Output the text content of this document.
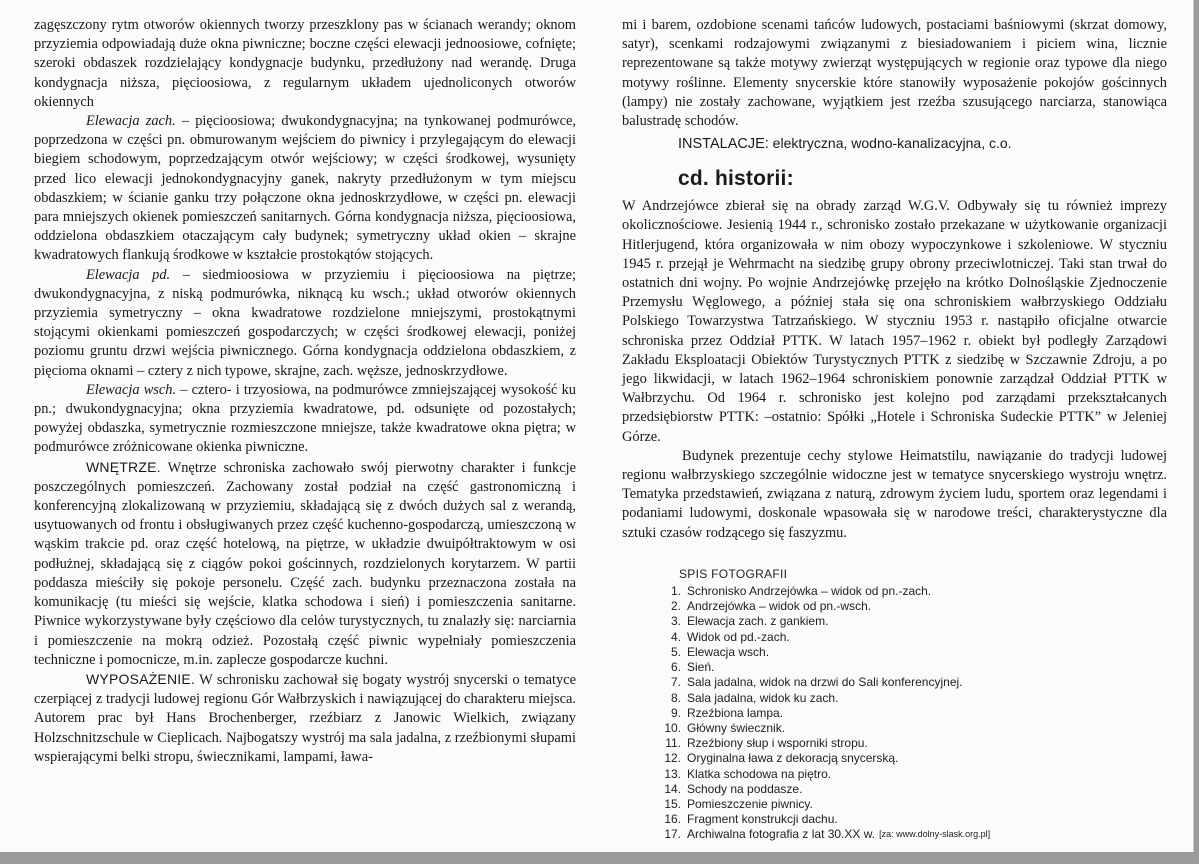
zagęszczony rytm otworów okiennych tworzy przeszklony pas w ścianach werandy; oknom przyziemia odpowiadają duże okna piwniczne; boczne części elewacji jednoosiowe, cofnięte; szeroki obdaszek rozdzielający kondygnacje budynku, przedłużony nad werandę. Druga kondygnacja niższa, pięcioosiowa, z regularnym układem ujednoliconych otworów okiennych

Elewacja zach. – pięcioosiowa; dwukondygnacyjna; na tynkowanej podmurówce, poprzedzona w części pn. obmurowanym wejściem do piwnicy i przylegającym do elewacji biegiem schodowym, poprzedzającym otwór wejściowy; w części środkowej, wysunięty przed lico elewacji jednokondygnacyjny ganek, nakryty przedłużonym w tym miejscu obdaszkiem; w ścianie ganku trzy połączone okna jednoskrzydłowe, w części pn. elewacji para mniejszych okienek pomieszczeń sanitarnych. Górna kondygnacja niższa, pięcioosiowa, oddzielona obdaszkiem otaczającym cały budynek; symetryczny układ okien – skrajne kwadratowych flankują środkowe w kształcie prostokątów stojących.

Elewacja pd. – siedmioosiowa w przyziemiu i pięcioosiowa na piętrze; dwukondygnacyjna, z niską podmurówka, niknącą ku wsch.; układ otworów okiennych przyziemia symetryczny – okna kwadratowe rozdzielone mniejszymi, prostokątnymi stojącymi okienkami pomieszczeń gospodarczych; w części środkowej elewacji, poniżej poziomu gruntu drzwi wejścia piwnicznego. Górna kondygnacja oddzielona obdaszkiem, z pięcioma oknami – cztery z nich typowe, skrajne, zach. węższe, jednoskrzydłowe.

Elewacja wsch. – cztero- i trzyosiowa, na podmurówce zmniejszającej wysokość ku pn.; dwukondygnacyjna; okna przyziemia kwadratowe, pd. odsunięte od pozostałych; powyżej obdaszka, symetrycznie rozmieszczone mniejsze, także kwadratowe okna piętra; w podmurówce zróżnicowane okienka piwniczne.

WNĘTRZE. Wnętrze schroniska zachowało swój pierwotny charakter i funkcje poszczególnych pomieszczeń. Zachowany został podział na część gastronomiczną i konferencyjną zlokalizowaną w przyziemiu, składającą się z dwóch dużych sal z werandą, usytuowanych od frontu i obsługiwanych przez część kuchenno-gospodarczą, umieszczoną w wąskim trakcie pd. oraz część hotelową, na piętrze, w układzie dwuipółtraktowym w osi podłużnej, składającą się z ciągów pokoi gościnnych, rozdzielonych korytarzem. W partii poddasza mieściły się pokoje personelu. Część zach. budynku przeznaczona została na komunikację (tu mieści się wejście, klatka schodowa i sień) i pomieszczenia sanitarne. Piwnice wykorzystywane były częściowo dla celów turystycznych, tu znalazły się: narciarnia i pomieszczenie na mokrą odzież. Pozostałą część piwnic wypełniały pomieszczenia techniczne i pomocnicze, m.in. zaplecze gospodarcze kuchni.

WYPOSAŻENIE. W schronisku zachował się bogaty wystrój snycerski o tematyce czerpiącej z tradycji ludowej regionu Gór Wałbrzyskich i nawiązującej do charakteru miejsca. Autorem prac był Hans Brochenberger, rzeźbiarz z Janowic Wielkich, związany Holzschnitzschule w Cieplicach. Najbogatszy wystrój ma sala jadalna, z rzeźbionymi słupami wspierającymi belki stropu, świecznikami, lampami, ława-

mi i barem, ozdobione scenami tańców ludowych, postaciami baśniowymi (skrzat domowy, satyr), scenkami rodzajowymi związanymi z biesiadowaniem i piciem wina, licznie reprezentowane są także motywy zwierząt występujących w regionie oraz typowe dla niego motywy roślinne. Elementy snycerskie które stanowiły wyposażenie pokojów gościnnych (lampy) nie zostały zachowane, wyjątkiem jest rzeźba szusującego narciarza, stanowiąca balustradę schodów.

INSTALACJE: elektryczna, wodno-kanalizacyjna, c.o.

cd. historii:

W Andrzejówce zbierał się na obrady zarząd W.G.V. Odbywały się tu również imprezy okolicznościowe. Jesienią 1944 r., schronisko zostało przekazane w użytkowanie organizacji Hitlerjugend, która organizowała w nim obozy wypoczynkowe i szkoleniowe. W styczniu 1945 r. przejął je Wehrmacht na siedzibę grupy obrony przeciwlotniczej. Taki stan trwał do ostatnich dni wojny. Po wojnie Andrzejówkę przejęło na krótko Dolnośląskie Zjednoczenie Przemysłu Węglowego, a później stała się ona schroniskiem wałbrzyskiego Oddziału Polskiego Towarzystwa Tatrzańskiego. W styczniu 1953 r. nastąpiło oficjalne otwarcie schroniska przez Oddział PTTK. W latach 1957–1962 r. obiekt był podległy Zarządowi Zakładu Eksploatacji Obiektów Turystycznych PTTK z siedzibę w Szczawnie Zdroju, a po jego likwidacji, w latach 1962–1964 schroniskiem ponownie zarządzał Oddział PTTK w Wałbrzychu. Od 1964 r. schronisko jest kolejno pod zarządami przekształcanych przedsiębiorstw PTTK: –ostatnio: Spółki „Hotele i Schroniska Sudeckie PTTK” w Jeleniej Górze.

Budynek prezentuje cechy stylowe Heimatstilu, nawiązanie do tradycji ludowej regionu wałbrzyskiego szczególnie widoczne jest w tematyce snycerskiego wystroju wnętrz. Tematyka przedstawień, związana z naturą, zdrowym życiem ludu, sportem oraz legendami i podaniami ludowymi, doskonale wpasowała się w narodowe treści, charakterystyczne dla sztuki czasów rodzącego się faszyzmu.

SPIS FOTOGRAFII
1. Schronisko Andrzejówka – widok od pn.-zach.
2. Andrzejówka – widok od pn.-wsch.
3. Elewacja zach. z gankiem.
4. Widok od pd.-zach.
5. Elewacja wsch.
6. Sień.
7. Sala jadalna, widok na drzwi do Sali konferencyjnej.
8. Sala jadalna, widok ku zach.
9. Rzeźbiona lampa.
10. Główny świecznik.
11. Rzeźbiony słup i wsporniki stropu.
12. Oryginalna ława z dekoracją snycerską.
13. Klatka schodowa na piętro.
14. Schody na poddasze.
15. Pomieszczenie piwnicy.
16. Fragment konstrukcji dachu.
17. Archiwalna fotografia z lat 30.XX w. [za: www.dolny-slask.org.pl]
